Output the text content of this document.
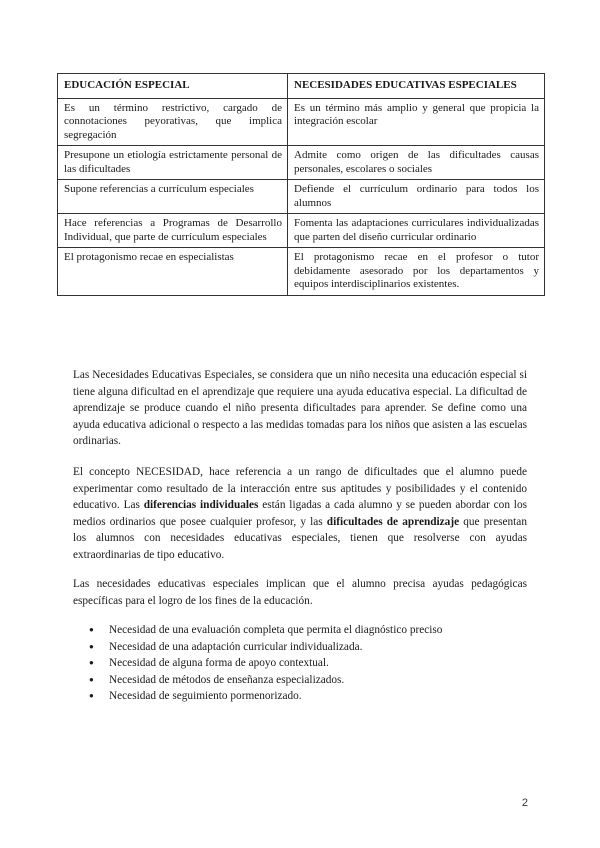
EDUCACIÓN ESPECIAL	NECESIDADES EDUCATIVAS ESPECIALES
Es un término restrictivo, cargado de connotaciones peyorativas, que implica segregación	Es un término más amplio y general que propicia la integración escolar
Presupone un etiología estrictamente personal de las dificultades	Admite como origen de las dificultades causas personales, escolares o sociales
Supone referencias a currículum especiales	Defiende el currículum ordinario para todos los alumnos
Hace referencias a Programas de Desarrollo Individual, que parte de currículum especiales	Fomenta las adaptaciones curriculares individualizadas que parten del diseño curricular ordinario
El protagonismo recae en especialistas	El protagonismo recae en el profesor o tutor debidamente asesorado por los departamentos y equipos interdisciplinarios existentes.

Las Necesidades Educativas Especiales, se considera que un niño necesita una educación especial si tiene alguna dificultad en el aprendizaje que requiere una ayuda educativa especial. La dificultad de aprendizaje se produce cuando el niño presenta dificultades para aprender. Se define como una ayuda educativa adicional o respecto a las medidas tomadas para los niños que asisten a las escuelas ordinarias.

El concepto NECESIDAD, hace referencia a un rango de dificultades que el alumno puede experimentar como resultado de la interacción entre sus aptitudes y posibilidades y el contenido educativo. Las diferencias individuales están ligadas a cada alumno y se pueden abordar con los medios ordinarios que posee cualquier profesor, y las dificultades de aprendizaje que presentan los alumnos con necesidades educativas especiales, tienen que resolverse con ayudas extraordinarias de tipo educativo.

Las necesidades educativas especiales implican que el alumno precisa ayudas pedagógicas específicas para el logro de los fines de la educación.

● Necesidad de una evaluación completa que permita el diagnóstico preciso
● Necesidad de una adaptación curricular individualizada.
● Necesidad de alguna forma de apoyo contextual.
● Necesidad de métodos de enseñanza especializados.
● Necesidad de seguimiento pormenorizado.
2
